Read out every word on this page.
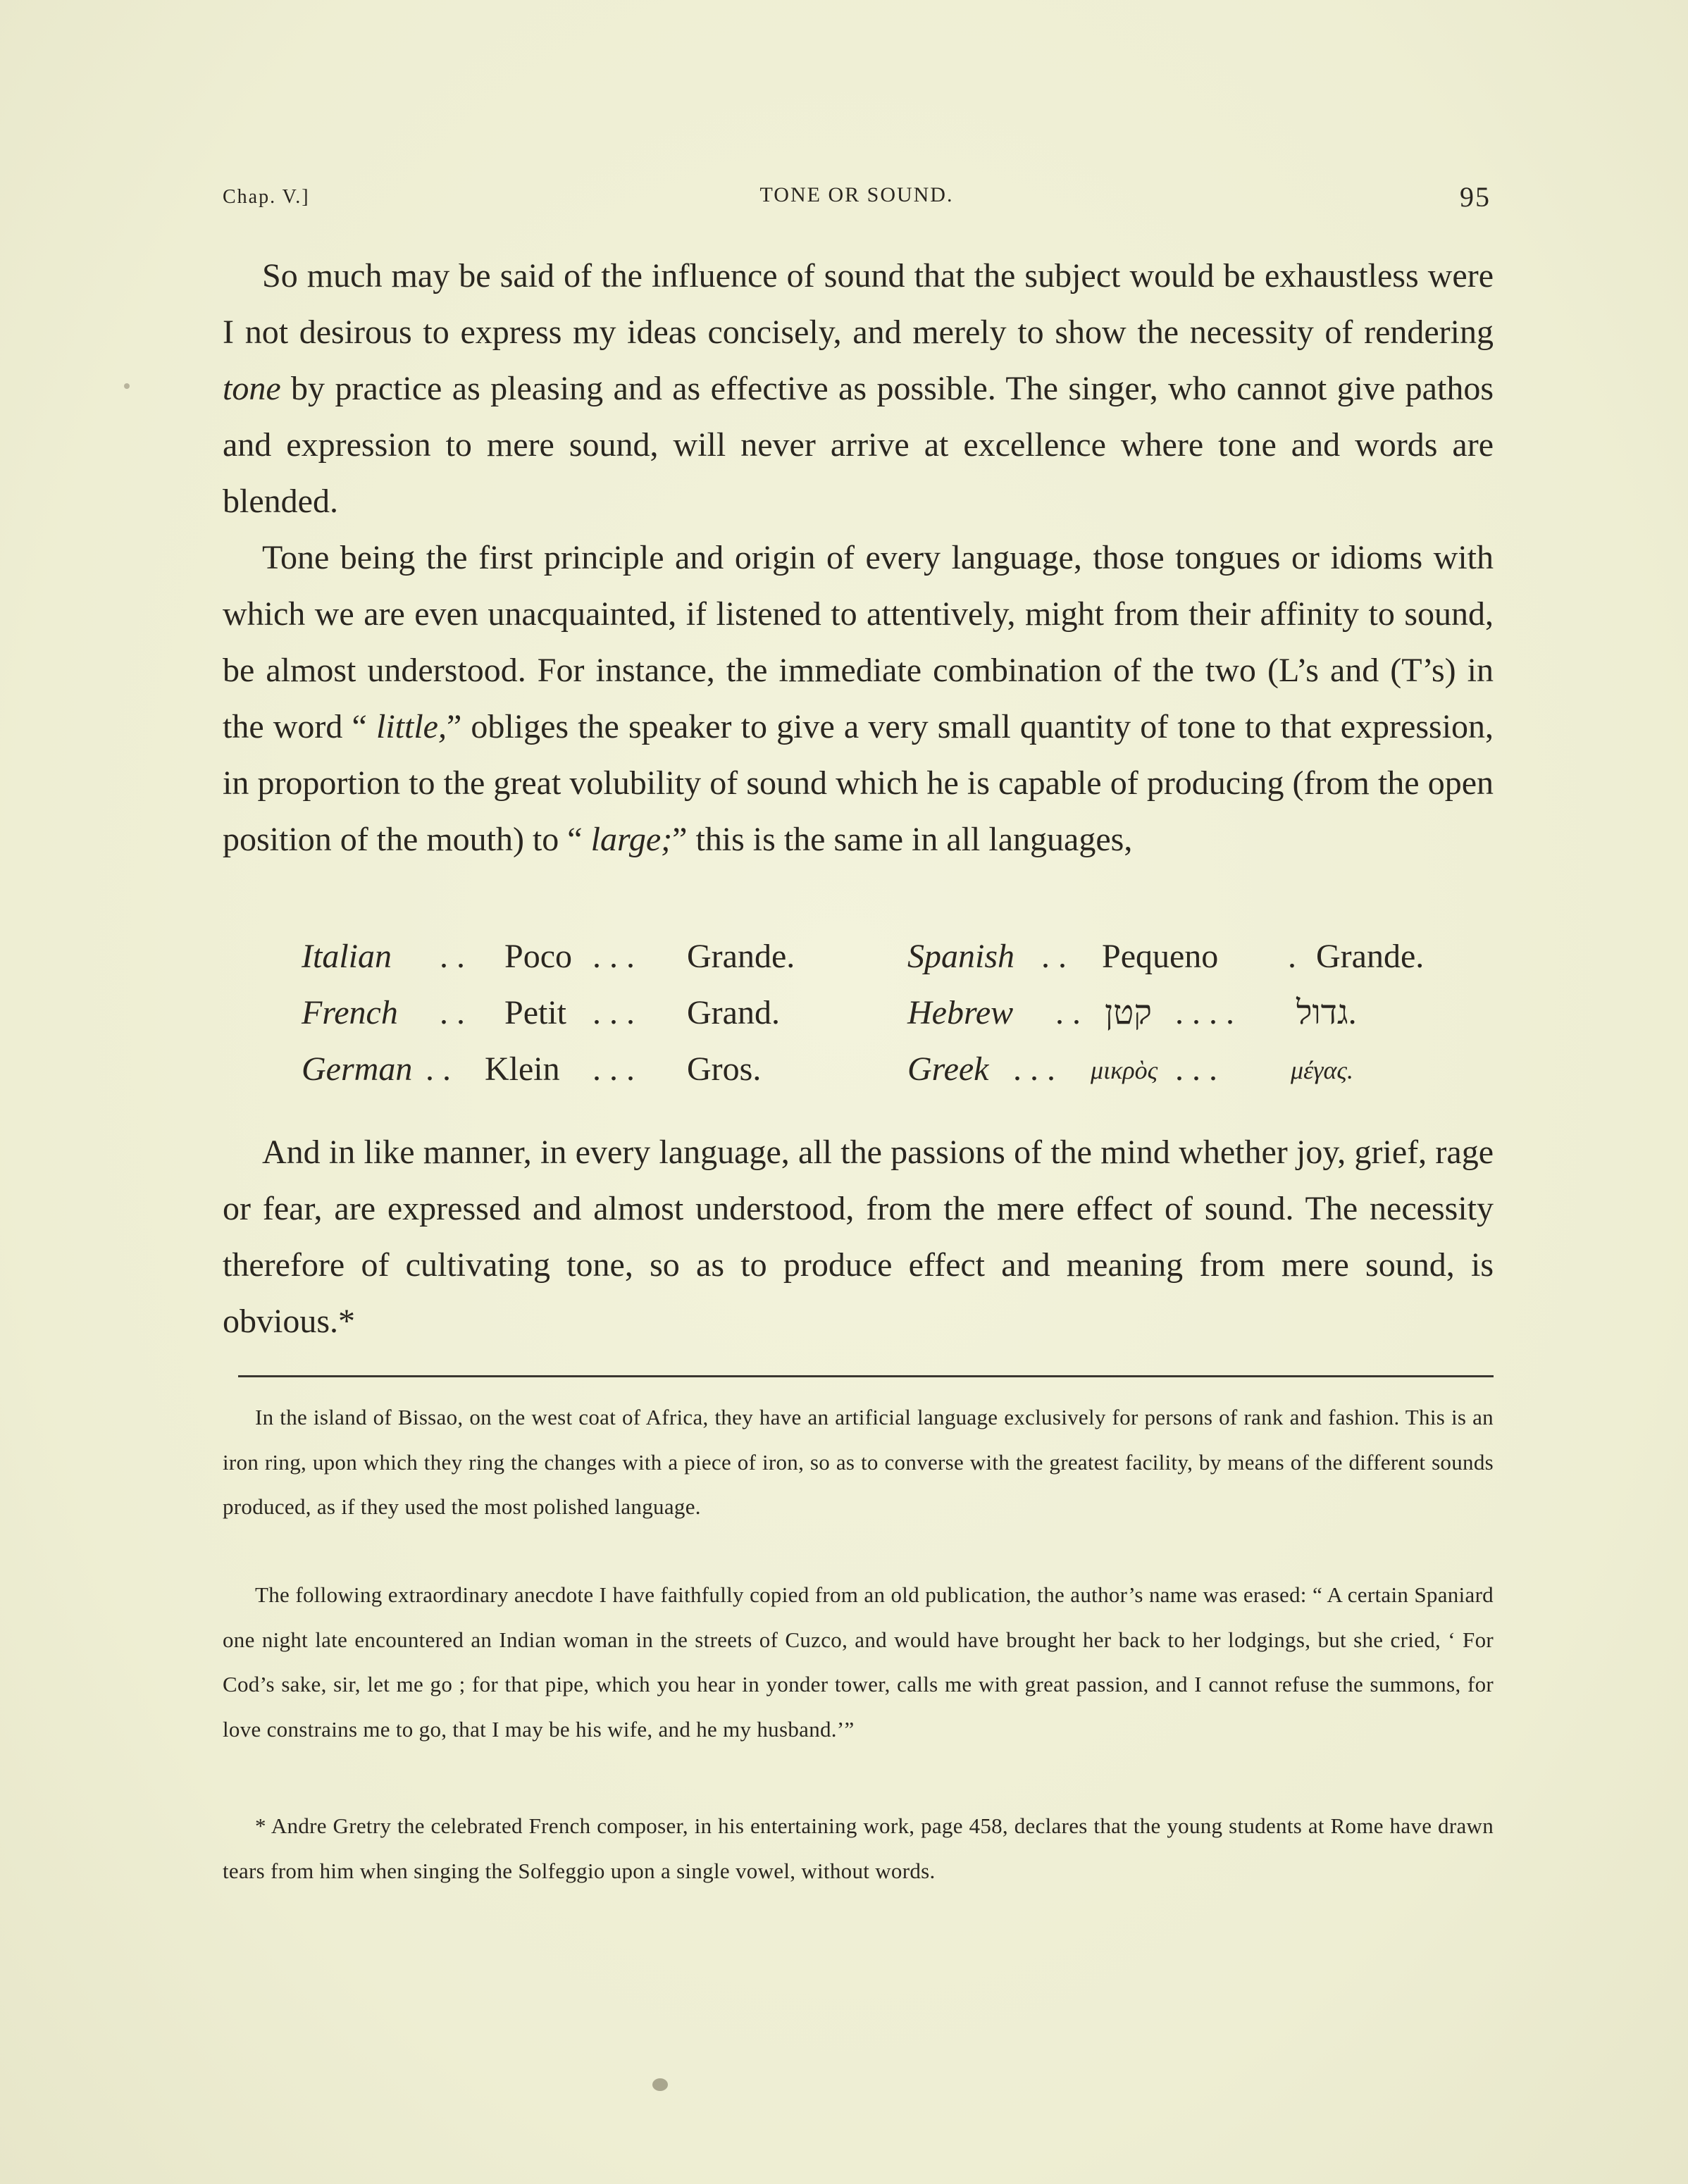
Chap. V.]	TONE OR SOUND.	95

So much may be said of the influence of sound that the subject would be exhaustless were I not desirous to express my ideas concisely, and merely to show the necessity of rendering tone by practice as pleasing and as effective as possible. The singer, who cannot give pathos and expression to mere sound, will never arrive at excellence where tone and words are blended.

Tone being the first principle and origin of every language, those tongues or idioms with which we are even unacquainted, if listened to attentively, might from their affinity to sound, be almost understood. For instance, the immediate combination of the two (L’s and (T’s) in the word “ little,” obliges the speaker to give a very small quantity of tone to that expression, in proportion to the great volubility of sound which he is capable of producing (from the open position of the mouth) to “ large;” this is the same in all languages,

Italian . . Poco . . . Grande.	Spanish . . Pequeno . Grande.
French . . Petit . . . Grand.	Hebrew . . קטן . . . . גדול.
German . . Klein . . . Gros.	Greek . . . μικρὸς . . .	μέγας.

And in like manner, in every language, all the passions of the mind whether joy, grief, rage or fear, are expressed and almost understood, from the mere effect of sound. The necessity therefore of cultivating tone, so as to produce effect and meaning from mere sound, is obvious.*

In the island of Bissao, on the west coat of Africa, they have an artificial language exclusively for persons of rank and fashion. This is an iron ring, upon which they ring the changes with a piece of iron, so as to converse with the greatest facility, by means of the different sounds produced, as if they used the most polished language.

The following extraordinary anecdote I have faithfully copied from an old publication, the author’s name was erased: “ A certain Spaniard one night late encountered an Indian woman in the streets of Cuzco, and would have brought her back to her lodgings, but she cried, ‘ For Cod’s sake, sir, let me go ; for that pipe, which you hear in yonder tower, calls me with great passion, and I cannot refuse the summons, for love constrains me to go, that I may be his wife, and he my husband.’”

* Andre Gretry the celebrated French composer, in his entertaining work, page 458, declares that the young students at Rome have drawn tears from him when singing the Solfeggio upon a single vowel, without words.
